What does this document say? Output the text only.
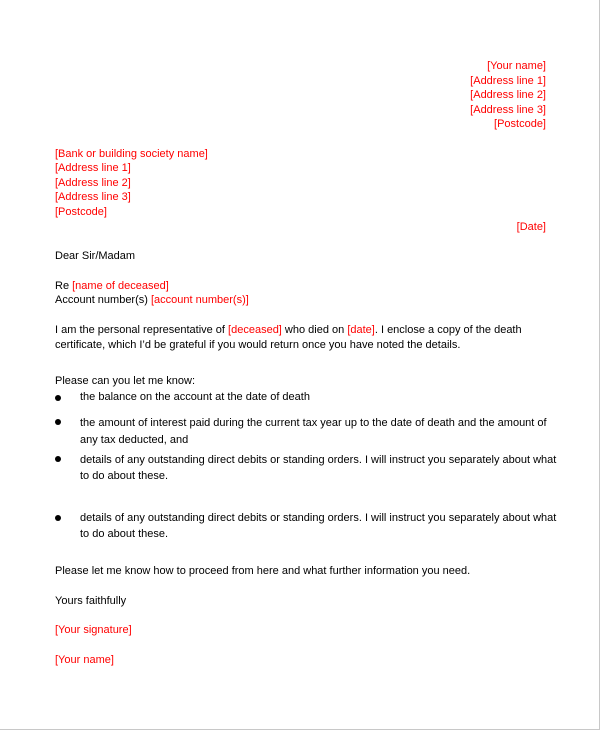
[Your name]
[Address line 1]
[Address line 2]
[Address line 3]
[Postcode]
[Bank or building society name]
[Address line 1]
[Address line 2]
[Address line 3]
[Postcode]
[Date]
Dear Sir/Madam
Re [name of deceased]
Account number(s) [account number(s)]
I am the personal representative of [deceased] who died on [date]. I enclose a copy of the death
certificate, which I’d be grateful if you would return once you have noted the details.
Please can you let me know:
the balance on the account at the date of death
the amount of interest paid during the current tax year up to the date of death and the amount of
any tax deducted, and
details of any outstanding direct debits or standing orders. I will instruct you separately about what
to do about these.
details of any outstanding direct debits or standing orders. I will instruct you separately about what
to do about these.
Please let me know how to proceed from here and what further information you need.
Yours faithfully
[Your signature]
[Your name]
